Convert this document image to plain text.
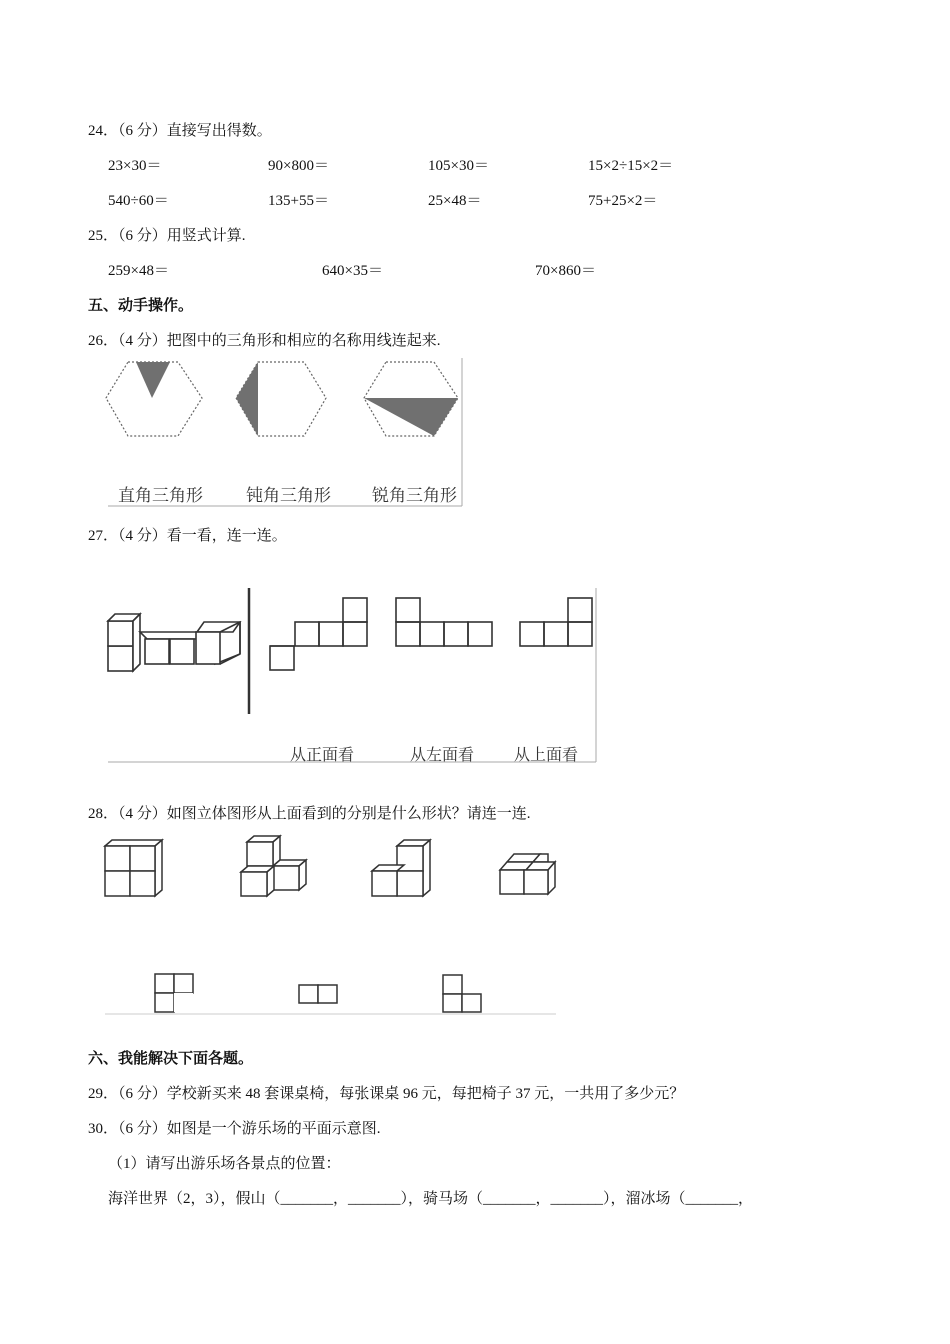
24．（6 分）直接写出得数。
23×30＝	90×800＝	105×30＝	15×2÷15×2＝
540÷60＝	135+55＝	25×48＝	75+25×2＝
25．（6 分）用竖式计算.
259×48＝	640×35＝	70×860＝
五、动手操作。
26．（4 分）把图中的三角形和相应的名称用线连起来.
直角三角形	钝角三角形 锐角三角形
27．（4 分）看一看，连一连。
从正面看	从左面看 从上面看
28．（4 分）如图立体图形从上面看到的分别是什么形状？请连一连.
六、我能解决下面各题。
29．（6 分）学校新买来 48 套课桌椅，每张课桌 96 元，每把椅子 37 元，一共用了多少元？
30．（6 分）如图是一个游乐场的平面示意图.
（1）请写出游乐场各景点的位置：
海洋世界（2，3），假山（_______，_______），骑马场（_______，_______），溜冰场（_______，
